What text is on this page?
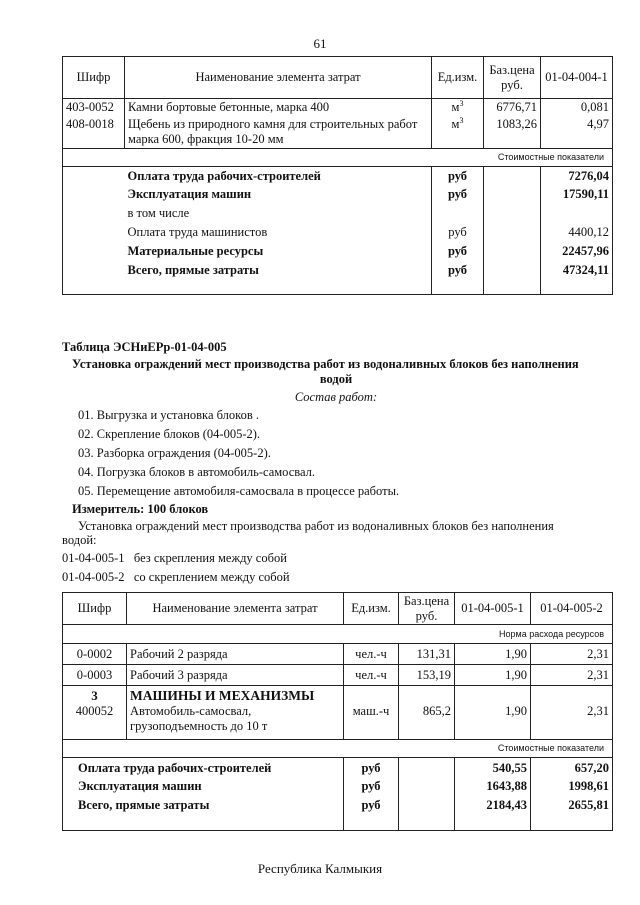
61
Шифр	Наименование элемента затрат	Ед.изм.	Баз.цена руб.	01-04-004-1
403-0052	Камни бортовые бетонные, марка 400	$м^3$	6776,71	0,081
408-0018	Щебень из природного камня для строительных работ марка 600, фракция 10-20 мм	$м^3$	1083,26	4,97
Стоимостные показатели				
	Оплата труда рабочих-строителей	руб		7276,04
	Эксплуатация машин	руб		17590,11
	в том числе			
	Оплата труда машинистов	руб		4400,12
	Материальные ресурсы	руб		22457,96
	Всего, прямые затраты	руб		47324,11
Таблица ЭСНиЕРр-01-04-005
Установка ограждений мест производства работ из водоналивных блоков без наполнения
водой
Состав работ:
01. Выгрузка и установка блоков .
02. Скрепление блоков (04-005-2).
03. Разборка ограждения (04-005-2).
04. Погрузка блоков в автомобиль-самосвал.
05. Перемещение автомобиля-самосвала в процессе работы.
Измеритель: 100 блоков
Установка ограждений мест производства работ из водоналивных блоков без наполнения
водой:
01-04-005-1 без скрепления между собой
01-04-005-2 со скреплением между собой
Шифр	Наименование элемента затрат	Ед.изм.	Баз.цена руб.	01-04-005-1	01-04-005-2
Норма расхода ресурсов					
0-0002	Рабочий 2 разряда	чел.-ч	131,31	1,90	2,31
0-0003	Рабочий 3 разряда	чел.-ч	153,19	1,90	2,31
3	МАШИНЫ И МЕХАНИЗМЫ				
400052	Автомобиль-самосвал, грузоподъемность до 10 т	маш.-ч	865,2	1,90	2,31
Стоимостные показатели					
Оплата труда рабочих-строителей		руб		540,55	657,20
Эксплуатация машин		руб		1643,88	1998,61
Всего, прямые затраты		руб		2184,43	2655,81
Республика Калмыкия
